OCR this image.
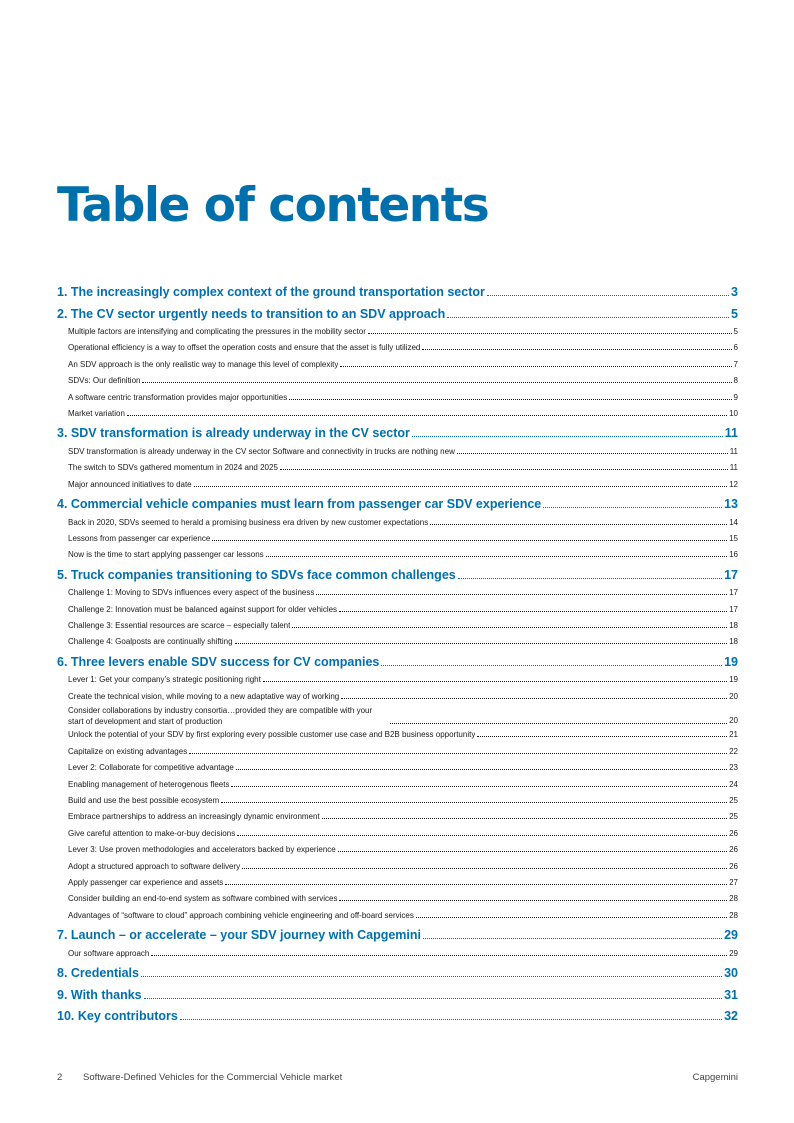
Table of contents
1. The increasingly complex context of the ground transportation sector	3
2. The CV sector urgently needs to transition to an SDV approach	5
Multiple factors are intensifying and complicating the pressures in the mobility sector	5
Operational efficiency is a way to offset the operation costs and ensure that the asset is fully utilized	6
An SDV approach is the only realistic way to manage this level of complexity	7
SDVs: Our definition	8
A software centric transformation provides major opportunities	9
Market variation	10
3. SDV transformation is already underway in the CV sector	11
SDV transformation is already underway in the CV sector Software and connectivity in trucks are nothing new	11
The switch to SDVs gathered momentum in 2024 and 2025	11
Major announced initiatives to date	12
4. Commercial vehicle companies must learn from passenger car SDV experience	13
Back in 2020, SDVs seemed to herald a promising business era driven by new customer expectations	14
Lessons from passenger car experience	15
Now is the time to start applying passenger car lessons	16
5. Truck companies transitioning to SDVs face common challenges	17
Challenge 1: Moving to SDVs influences every aspect of the business	17
Challenge 2: Innovation must be balanced against support for older vehicles	17
Challenge 3: Essential resources are scarce – especially talent	18
Challenge 4: Goalposts are continually shifting	18
6. Three levers enable SDV success for CV companies	19
Lever 1: Get your company’s strategic positioning right	19
Create the technical vision, while moving to a new adaptative way of working	20
Consider collaborations by industry consortia…provided they are compatible with your start of development and start of production	20
Unlock the potential of your SDV by first exploring every possible customer use case and B2B business opportunity	21
Capitalize on existing advantages	22
Lever 2: Collaborate for competitive advantage	23
Enabling management of heterogenous fleets	24
Build and use the best possible ecosystem	25
Embrace partnerships to address an increasingly dynamic environment	25
Give careful attention to make-or-buy decisions	26
Lever 3: Use proven methodologies and accelerators backed by experience	26
Adopt a structured approach to software delivery	26
Apply passenger car experience and assets	27
Consider building an end-to-end system as software combined with services	28
Advantages of “software to cloud” approach combining vehicle engineering and off-board services	28
7. Launch – or accelerate – your SDV journey with Capgemini	29
Our software approach	29
8. Credentials	30
9. With thanks	31
10. Key contributors	32
2	Software-Defined Vehicles for the Commercial Vehicle market	Capgemini
